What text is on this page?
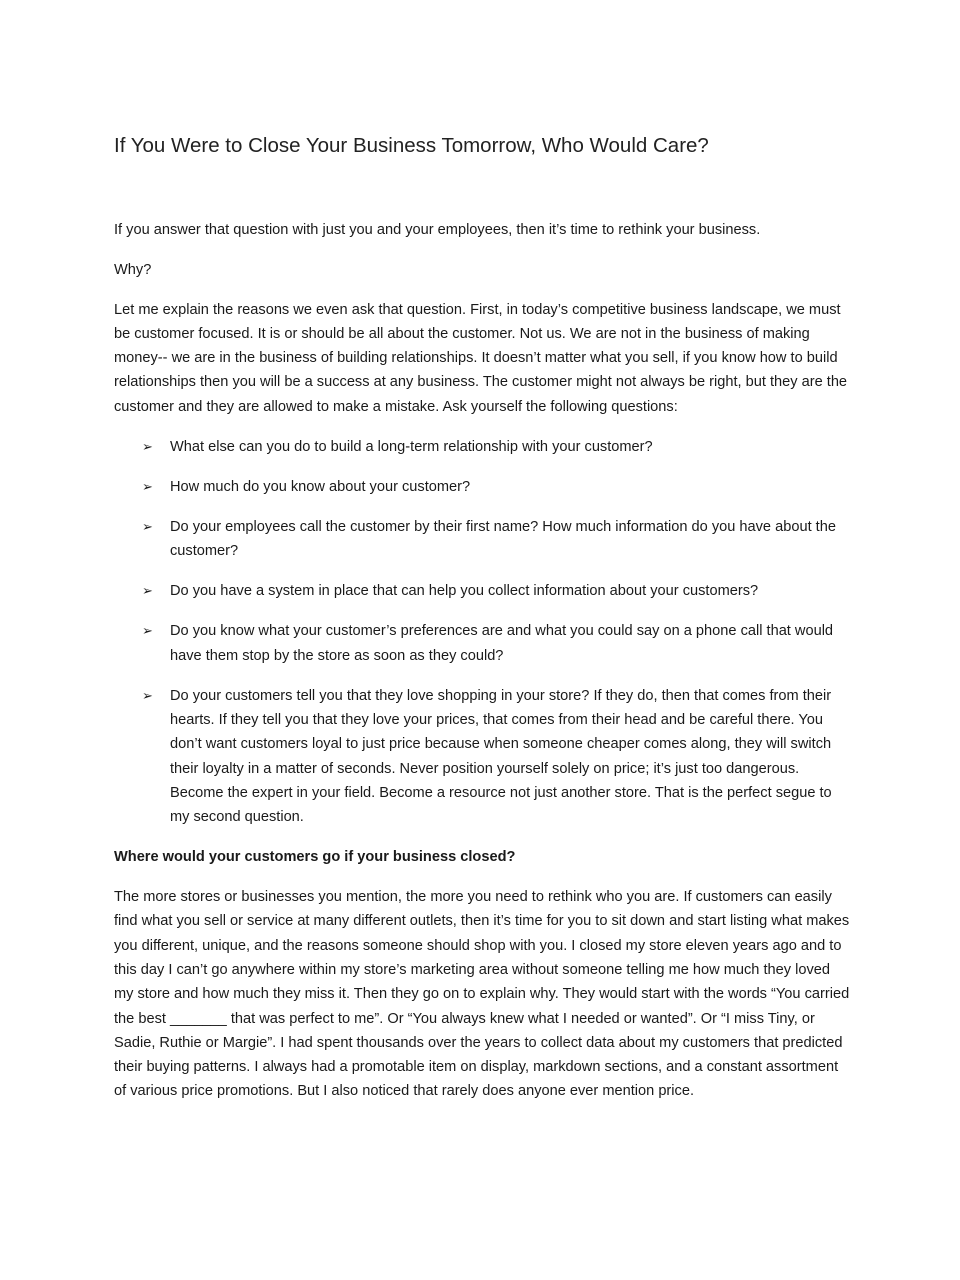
If You Were to Close Your Business Tomorrow, Who Would Care?

If you answer that question with just you and your employees, then it’s time to rethink your business.

Why?

Let me explain the reasons we even ask that question. First, in today’s competitive business landscape, we must be customer focused. It is or should be all about the customer. Not us. We are not in the business of making money-- we are in the business of building relationships. It doesn’t matter what you sell, if you know how to build relationships then you will be a success at any business. The customer might not always be right, but they are the customer and they are allowed to make a mistake. Ask yourself the following questions:

➢ What else can you do to build a long-term relationship with your customer?
➢ How much do you know about your customer?
➢ Do your employees call the customer by their first name? How much information do you have about the customer?
➢ Do you have a system in place that can help you collect information about your customers?
➢ Do you know what your customer’s preferences are and what you could say on a phone call that would have them stop by the store as soon as they could?
➢ Do your customers tell you that they love shopping in your store? If they do, then that comes from their hearts. If they tell you that they love your prices, that comes from their head and be careful there. You don’t want customers loyal to just price because when someone cheaper comes along, they will switch their loyalty in a matter of seconds. Never position yourself solely on price; it’s just too dangerous. Become the expert in your field. Become a resource not just another store. That is the perfect segue to my second question.

Where would your customers go if your business closed?

The more stores or businesses you mention, the more you need to rethink who you are. If customers can easily find what you sell or service at many different outlets, then it’s time for you to sit down and start listing what makes you different, unique, and the reasons someone should shop with you. I closed my store eleven years ago and to this day I can’t go anywhere within my store’s marketing area without someone telling me how much they loved my store and how much they miss it. Then they go on to explain why. They would start with the words “You carried the best _______ that was perfect to me”. Or “You always knew what I needed or wanted”. Or “I miss Tiny, or Sadie, Ruthie or Margie”. I had spent thousands over the years to collect data about my customers that predicted their buying patterns. I always had a promotable item on display, markdown sections, and a constant assortment of various price promotions. But I also noticed that rarely does anyone ever mention price.
